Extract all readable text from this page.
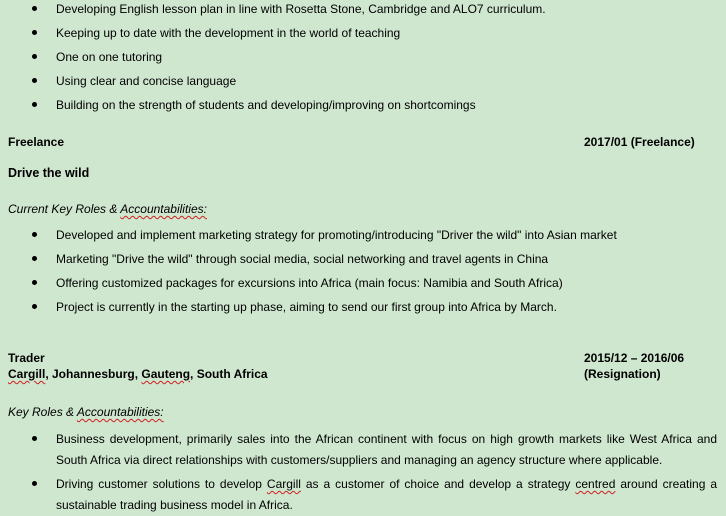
Developing English lesson plan in line with Rosetta Stone, Cambridge and ALO7 curriculum.
Keeping up to date with the development in the world of teaching
One on one tutoring
Using clear and concise language
Building on the strength of students and developing/improving on shortcomings
Freelance	2017/01 (Freelance)
Drive the wild
Current Key Roles & Accountabilities:
Developed and implement marketing strategy for promoting/introducing "Driver the wild" into Asian market
Marketing "Drive the wild" through social media, social networking and travel agents in China
Offering customized packages for excursions into Africa (main focus: Namibia and South Africa)
Project is currently in the starting up phase, aiming to send our first group into Africa by March.
Trader
Cargill, Johannesburg, Gauteng, South Africa
2015/12 – 2016/06
(Resignation)
Key Roles & Accountabilities:
Business development, primarily sales into the African continent with focus on high growth markets like West Africa and South Africa via direct relationships with customers/suppliers and managing an agency structure where applicable.
Driving customer solutions to develop Cargill as a customer of choice and develop a strategy centred around creating a sustainable trading business model in Africa.
